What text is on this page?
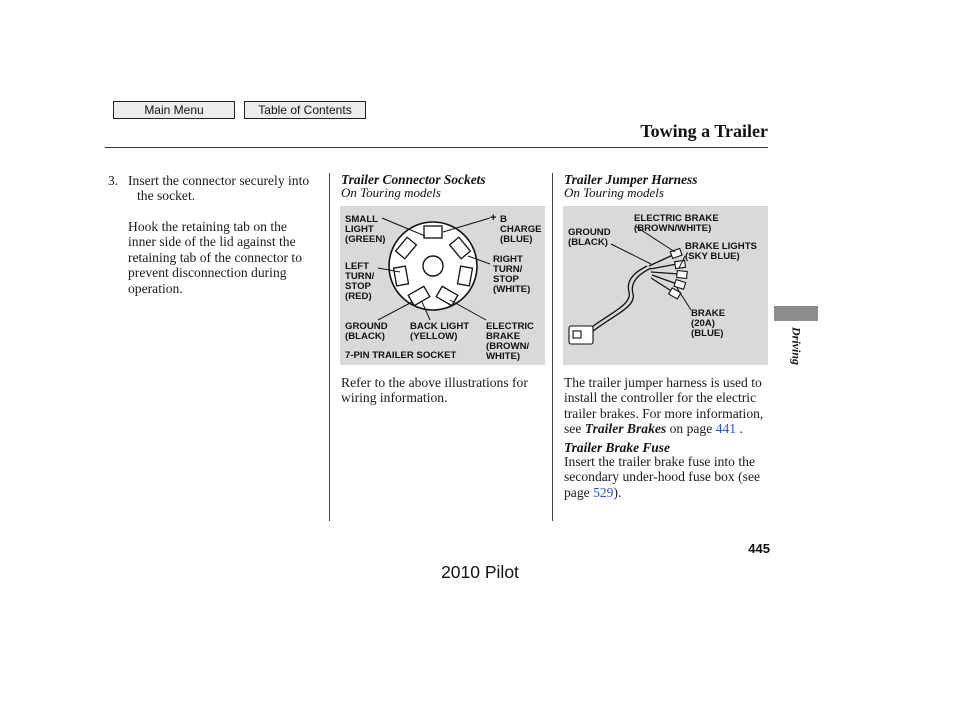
Main Menu	Table of Contents
Towing a Trailer
3. Insert the connector securely into
the socket.
Hook the retaining tab on the
inner side of the lid against the
retaining tab of the connector to
prevent disconnection during
operation.
Trailer Connector Sockets
On Touring models
+ B
CHARGE
(BLUE)
SMALL
LIGHT
(GREEN)
RIGHT
TURN/
STOP
(WHITE)
LEFT
TURN/
STOP
(RED)
GROUND
(BLACK)
BACK LIGHT
(YELLOW)
ELECTRIC
BRAKE
(BROWN/
WHITE)
7-PIN TRAILER SOCKET
Refer to the above illustrations for
wiring information.
Trailer Jumper Harness
On Touring models
GROUND
(BLACK)
ELECTRIC BRAKE
(BROWN/WHITE)
BRAKE LIGHTS
(SKY BLUE)
BRAKE
(20A)
(BLUE)
The trailer jumper harness is used to
install the controller for the electric
trailer brakes. For more information,
see Trailer Brakes on page 441 .
Trailer Brake Fuse
Insert the trailer brake fuse into the
secondary under-hood fuse box (see
page 529).
Driving
445
2010 Pilot
